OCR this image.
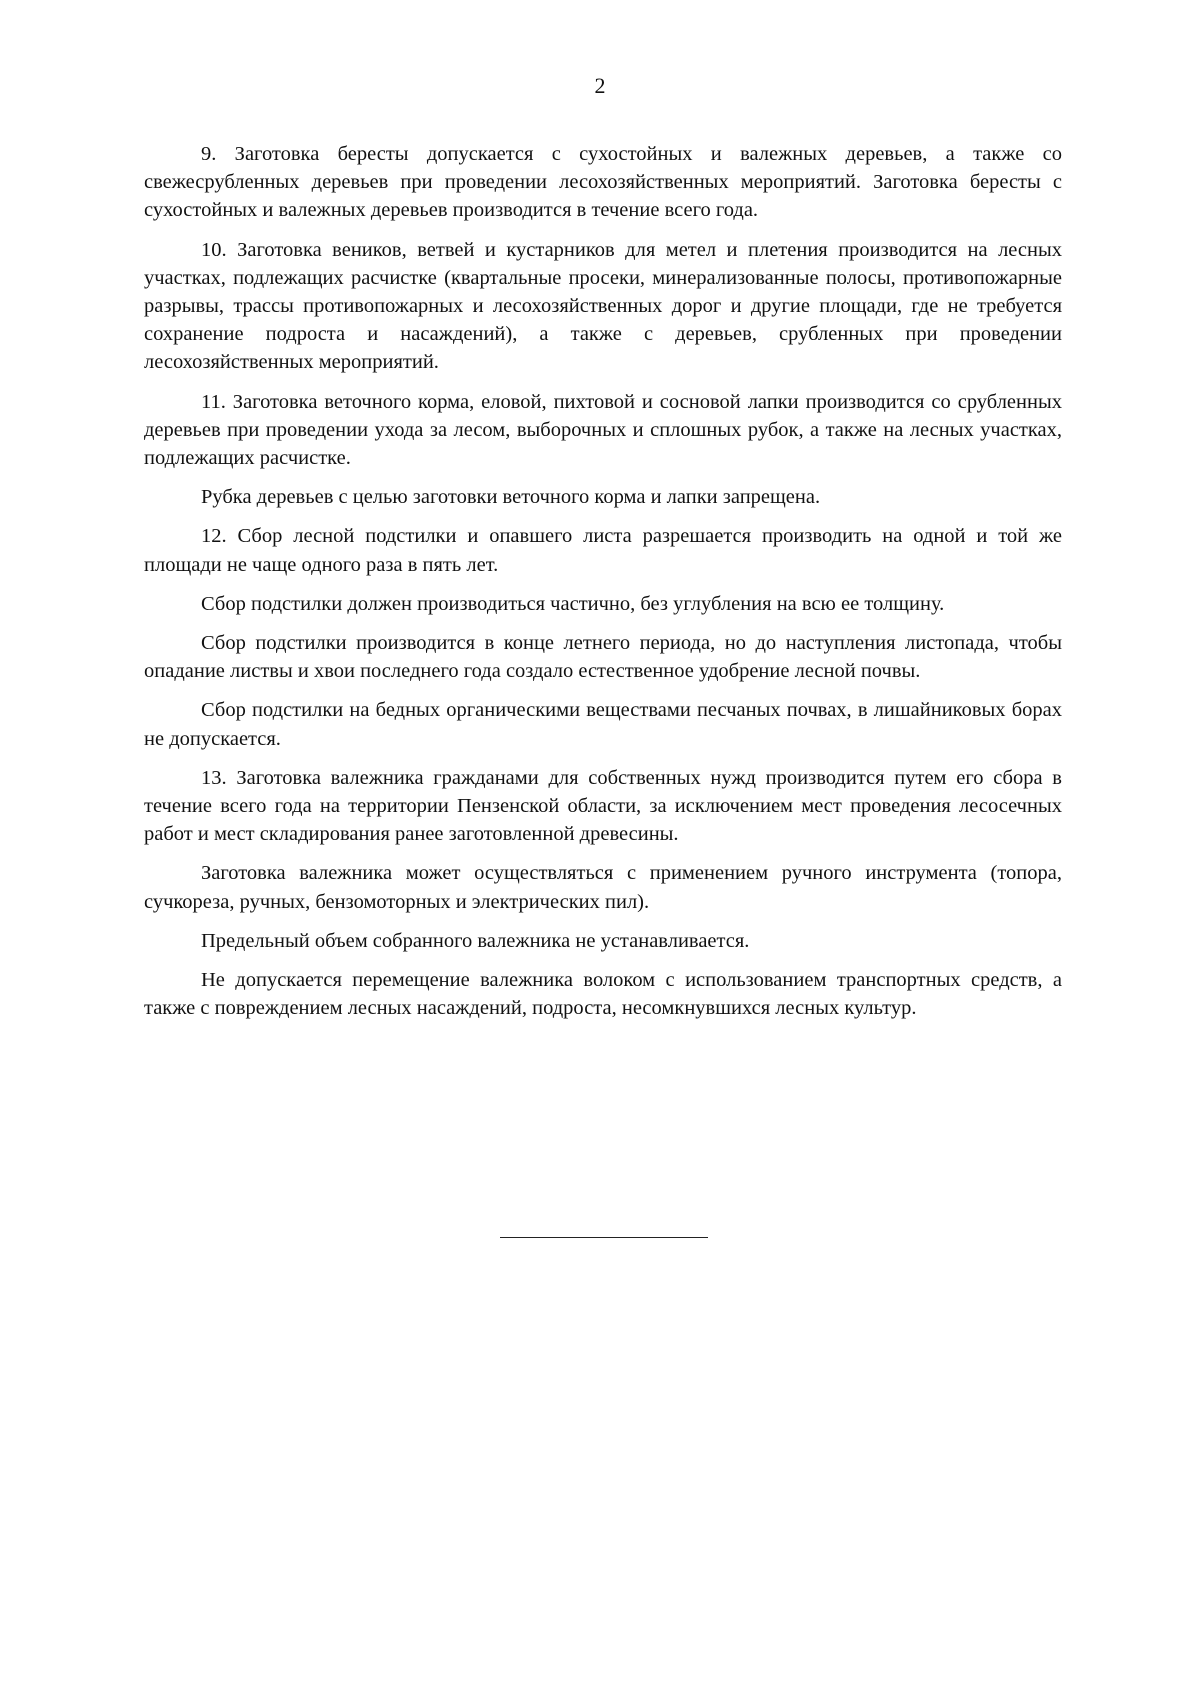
2

9. Заготовка бересты допускается с сухостойных и валежных деревьев, а также со свежесрубленных деревьев при проведении лесохозяйственных мероприятий. Заготовка бересты с сухостойных и валежных деревьев производится в течение всего года.

10. Заготовка веников, ветвей и кустарников для метел и плетения производится на лесных участках, подлежащих расчистке (квартальные просеки, минерализованные полосы, противопожарные разрывы, трассы противопожарных и лесохозяйственных дорог и другие площади, где не требуется сохранение подроста и насаждений), а также с деревьев, срубленных при проведении лесохозяйственных мероприятий.

11. Заготовка веточного корма, еловой, пихтовой и сосновой лапки производится со срубленных деревьев при проведении ухода за лесом, выборочных и сплошных рубок, а также на лесных участках, подлежащих расчистке.

Рубка деревьев с целью заготовки веточного корма и лапки запрещена.

12. Сбор лесной подстилки и опавшего листа разрешается производить на одной и той же площади не чаще одного раза в пять лет.

Сбор подстилки должен производиться частично, без углубления на всю ее толщину.

Сбор подстилки производится в конце летнего периода, но до наступления листопада, чтобы опадание листвы и хвои последнего года создало естественное удобрение лесной почвы.

Сбор подстилки на бедных органическими веществами песчаных почвах, в лишайниковых борах не допускается.

13. Заготовка валежника гражданами для собственных нужд производится путем его сбора в течение всего года на территории Пензенской области, за исключением мест проведения лесосечных работ и мест складирования ранее заготовленной древесины.

Заготовка валежника может осуществляться с применением ручного инструмента (топора, сучкореза, ручных, бензомоторных и электрических пил).

Предельный объем собранного валежника не устанавливается.

Не допускается перемещение валежника волоком с использованием транспортных средств, а также с повреждением лесных насаждений, подроста, несомкнувшихся лесных культур.
